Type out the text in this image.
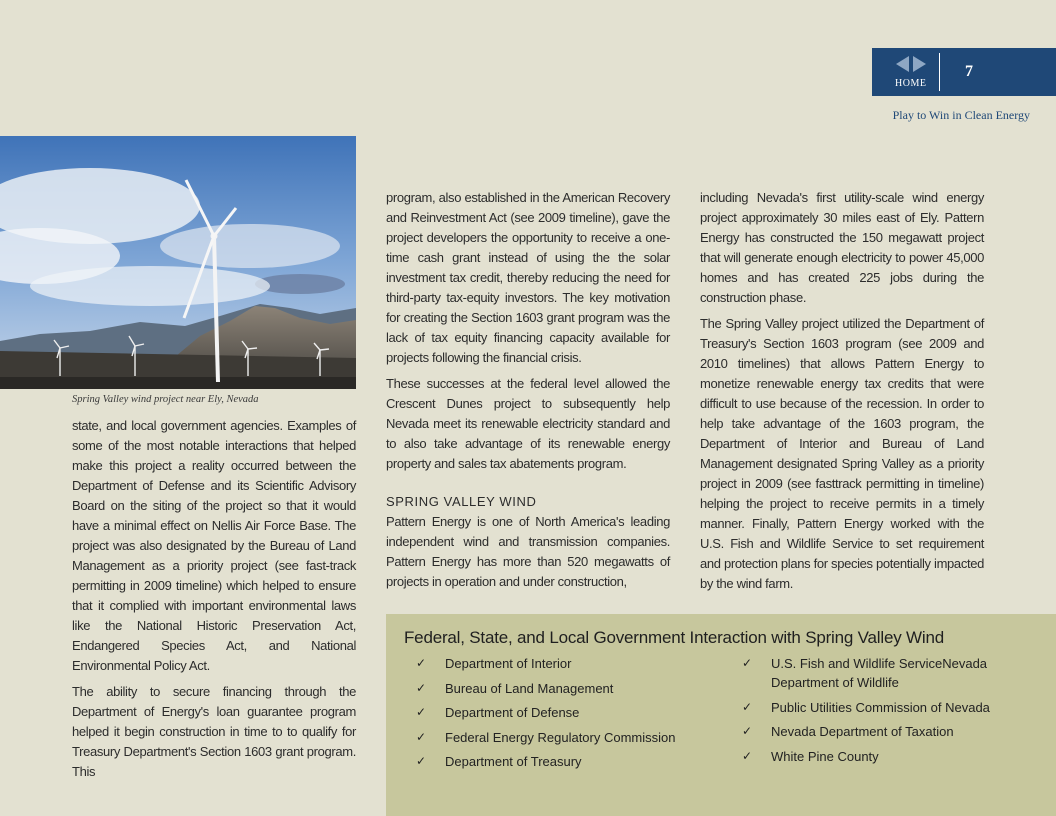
HOME
7
Play to Win in Clean Energy
Spring Valley wind project near Ely, Nevada

state, and local government agencies. Examples of some of the most notable interactions that helped make this project a reality occurred between the Department of Defense and its Scientific Advisory Board on the siting of the project so that it would have a minimal effect on Nellis Air Force Base. The project was also designated by the Bureau of Land Management as a priority project (see fast-track permitting in 2009 timeline) which helped to ensure that it complied with important environmental laws like the National Historic Preservation Act, Endangered Species Act, and National Environmental Policy Act.

The ability to secure financing through the Department of Energy's loan guarantee program helped it begin construction in time to to qualify for Treasury Department's Section 1603 grant program. This

program, also established in the American Recovery and Reinvestment Act (see 2009 timeline), gave the project developers the opportunity to receive a one-time cash grant instead of using the the solar investment tax credit, thereby reducing the need for third-party tax-equity investors. The key motivation for creating the Section 1603 grant program was the lack of tax equity financing capacity available for projects following the financial crisis.

These successes at the federal level allowed the Crescent Dunes project to subsequently help Nevada meet its renewable electricity standard and to also take advantage of its renewable energy property and sales tax abatements program.

SPRING VALLEY WIND

Pattern Energy is one of North America's leading independent wind and transmission companies. Pattern Energy has more than 520 megawatts of projects in operation and under construction,

including Nevada's first utility-scale wind energy project approximately 30 miles east of Ely. Pattern Energy has constructed the 150 megawatt project that will generate enough electricity to power 45,000 homes and has created 225 jobs during the construction phase.

The Spring Valley project utilized the Department of Treasury's Section 1603 program (see 2009 and 2010 timelines) that allows Pattern Energy to monetize renewable energy tax credits that were difficult to use because of the recession. In order to help take advantage of the 1603 program, the Department of Interior and Bureau of Land Management designated Spring Valley as a priority project in 2009 (see fasttrack permitting in timeline) helping the project to receive permits in a timely manner. Finally, Pattern Energy worked with the U.S. Fish and Wildlife Service to set requirement and protection plans for species potentially impacted by the wind farm.

Federal, State, and Local Government Interaction with Spring Valley Wind
✓ Department of Interior
✓ Bureau of Land Management
✓ Department of Defense
✓ Federal Energy Regulatory Commission
✓ Department of Treasury
✓ U.S. Fish and Wildlife ServiceNevada Department of Wildlife
✓ Public Utilities Commission of Nevada
✓ Nevada Department of Taxation
✓ White Pine County
